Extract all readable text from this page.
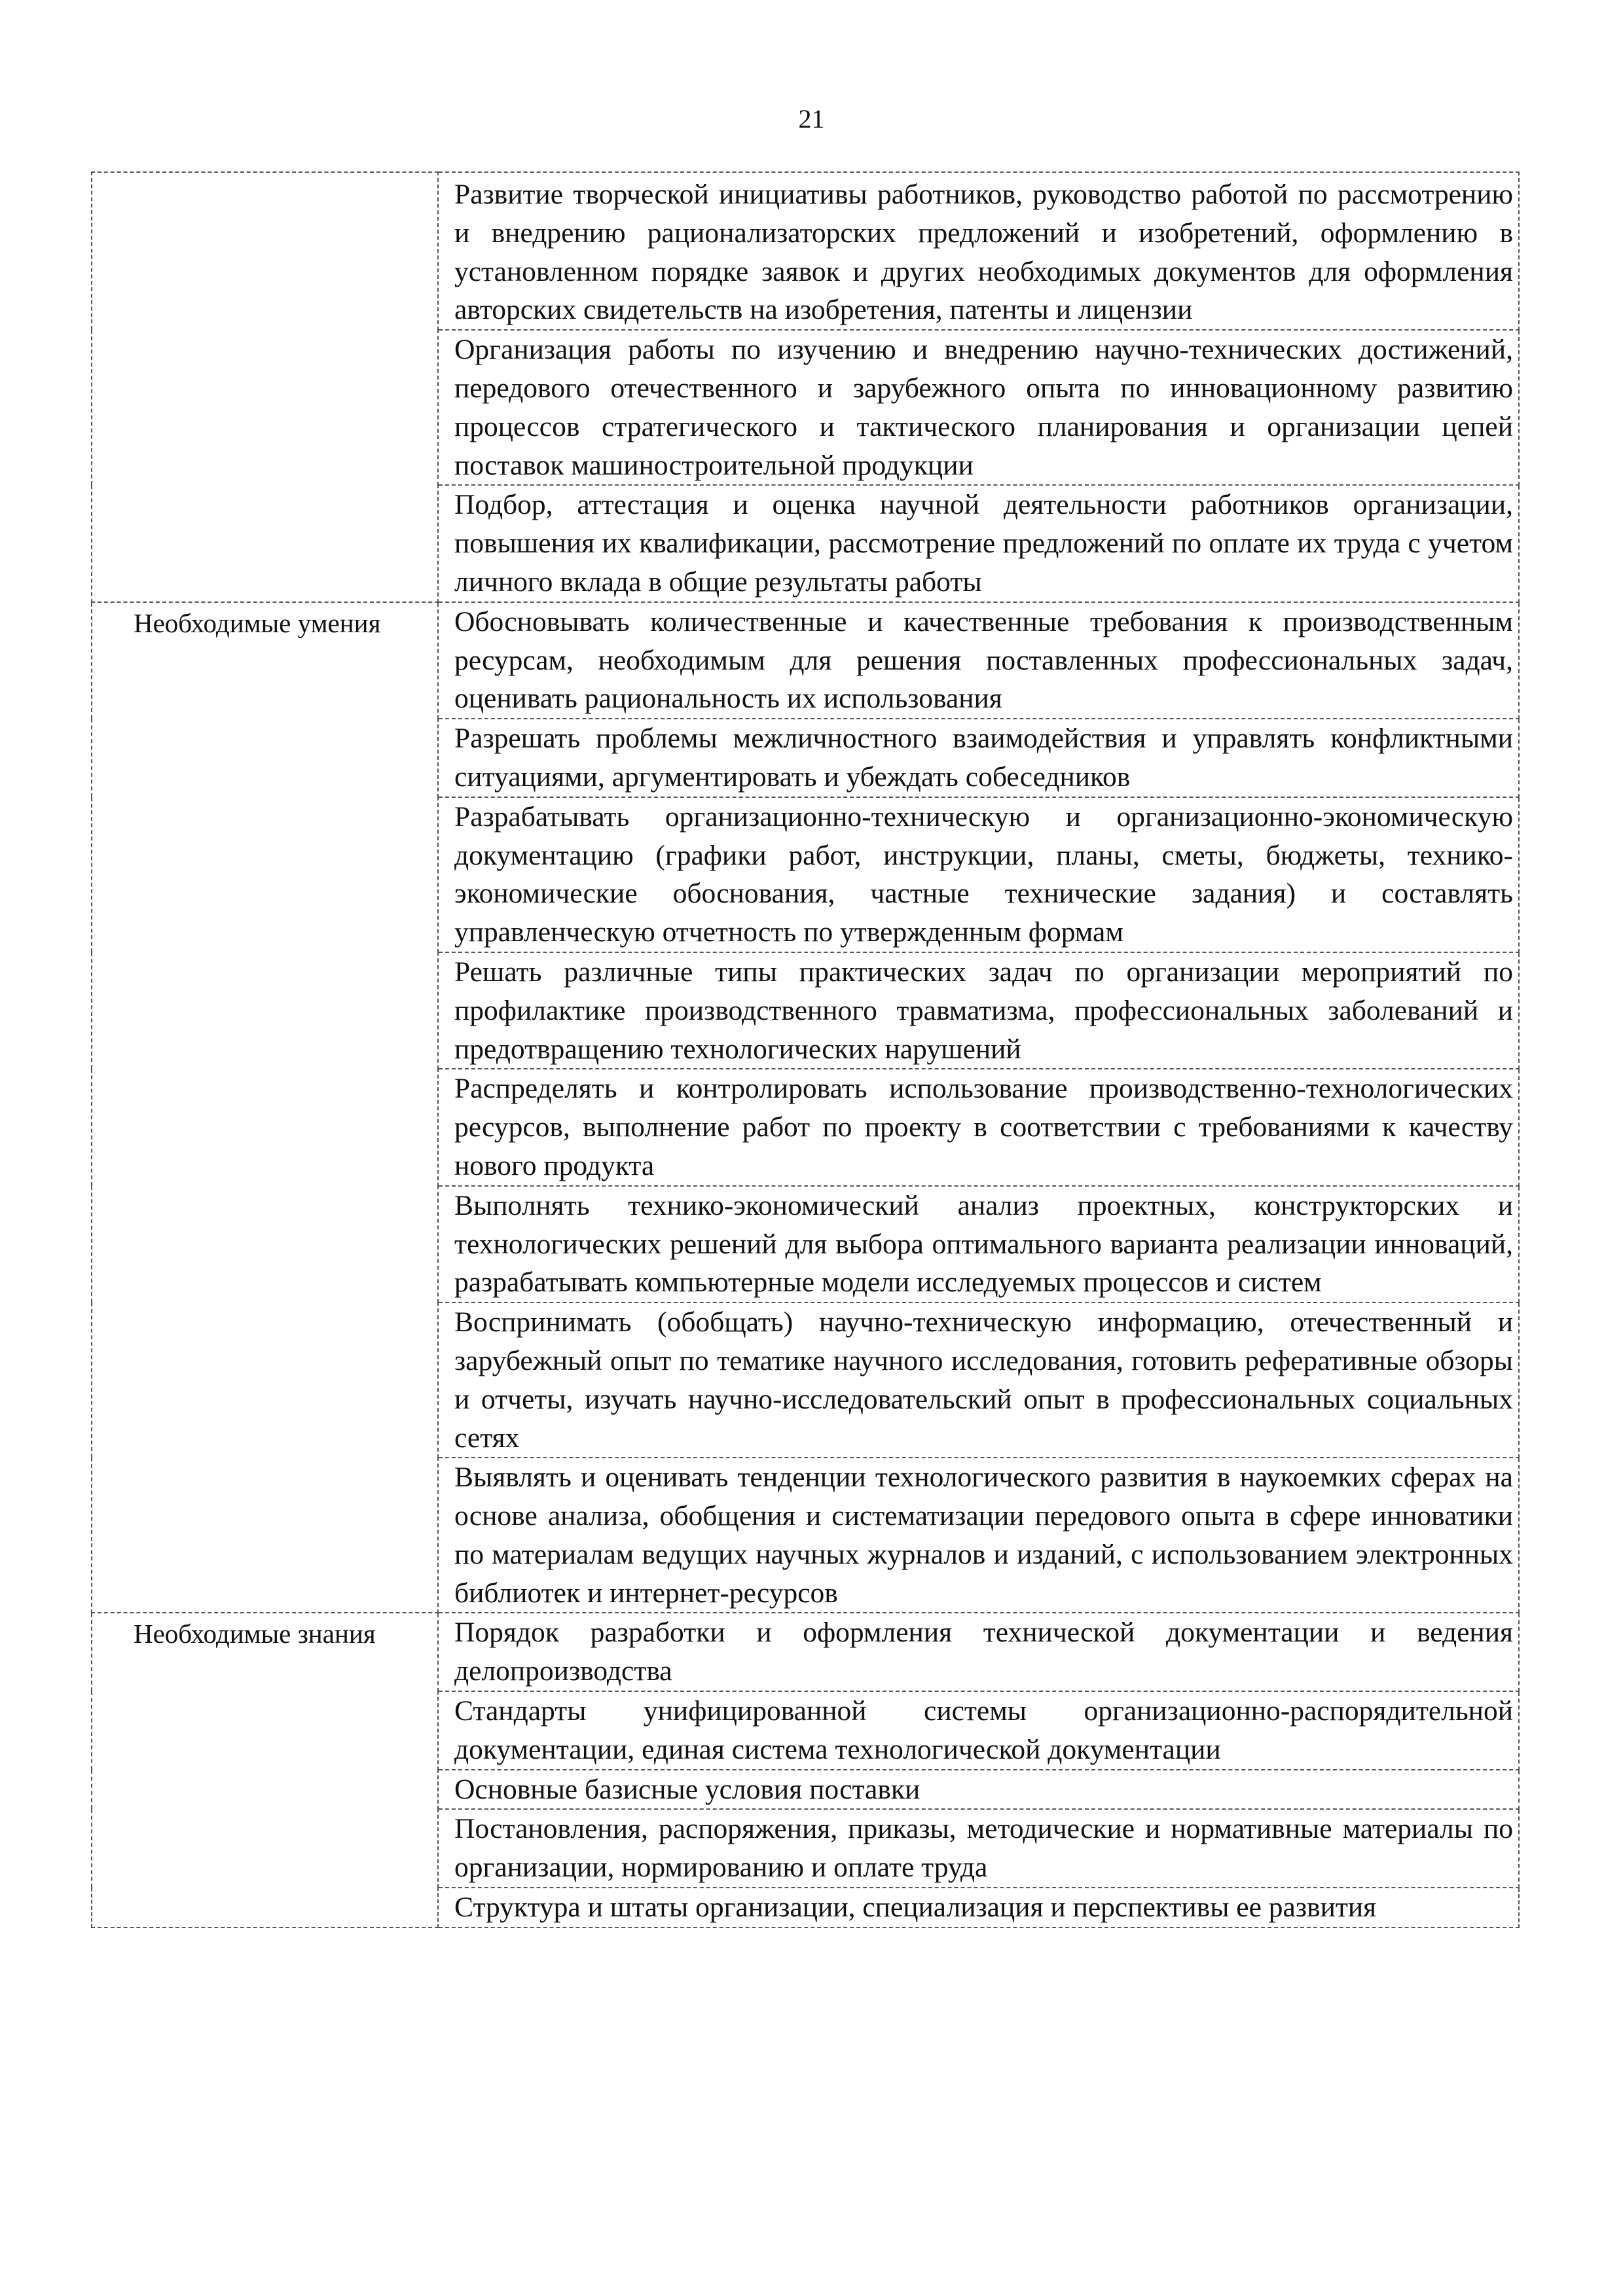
21
	Развитие творческой инициативы работников, руководство работой по рассмотрению и внедрению рационализаторских предложений и изобретений, оформлению в установленном порядке заявок и других необходимых документов для оформления авторских свидетельств на изобретения, патенты и лицензии
	Организация работы по изучению и внедрению научно-технических достижений, передового отечественного и зарубежного опыта по инновационному развитию процессов стратегического и тактического планирования и организации цепей поставок машиностроительной продукции
	Подбор, аттестация и оценка научной деятельности работников организации, повышения их квалификации, рассмотрение предложений по оплате их труда с учетом личного вклада в общие результаты работы
Необходимые умения	Обосновывать количественные и качественные требования к производственным ресурсам, необходимым для решения поставленных профессиональных задач, оценивать рациональность их использования
	Разрешать проблемы межличностного взаимодействия и управлять конфликтными ситуациями, аргументировать и убеждать собеседников
	Разрабатывать организационно-техническую и организационно-экономическую документацию (графики работ, инструкции, планы, сметы, бюджеты, технико-экономические обоснования, частные технические задания) и составлять управленческую отчетность по утвержденным формам
	Решать различные типы практических задач по организации мероприятий по профилактике производственного травматизма, профессиональных заболеваний и предотвращению технологических нарушений
	Распределять и контролировать использование производственно-технологических ресурсов, выполнение работ по проекту в соответствии с требованиями к качеству нового продукта
	Выполнять технико-экономический анализ проектных, конструкторских и технологических решений для выбора оптимального варианта реализации инноваций, разрабатывать компьютерные модели исследуемых процессов и систем
	Воспринимать (обобщать) научно-техническую информацию, отечественный и зарубежный опыт по тематике научного исследования, готовить реферативные обзоры и отчеты, изучать научно-исследовательский опыт в профессиональных социальных сетях
	Выявлять и оценивать тенденции технологического развития в наукоемких сферах на основе анализа, обобщения и систематизации передового опыта в сфере инноватики по материалам ведущих научных журналов и изданий, с использованием электронных библиотек и интернет-ресурсов
Необходимые знания	Порядок разработки и оформления технической документации и ведения делопроизводства
	Стандарты унифицированной системы организационно-распорядительной документации, единая система технологической документации
	Основные базисные условия поставки
	Постановления, распоряжения, приказы, методические и нормативные материалы по организации, нормированию и оплате труда
	Структура и штаты организации, специализация и перспективы ее развития
